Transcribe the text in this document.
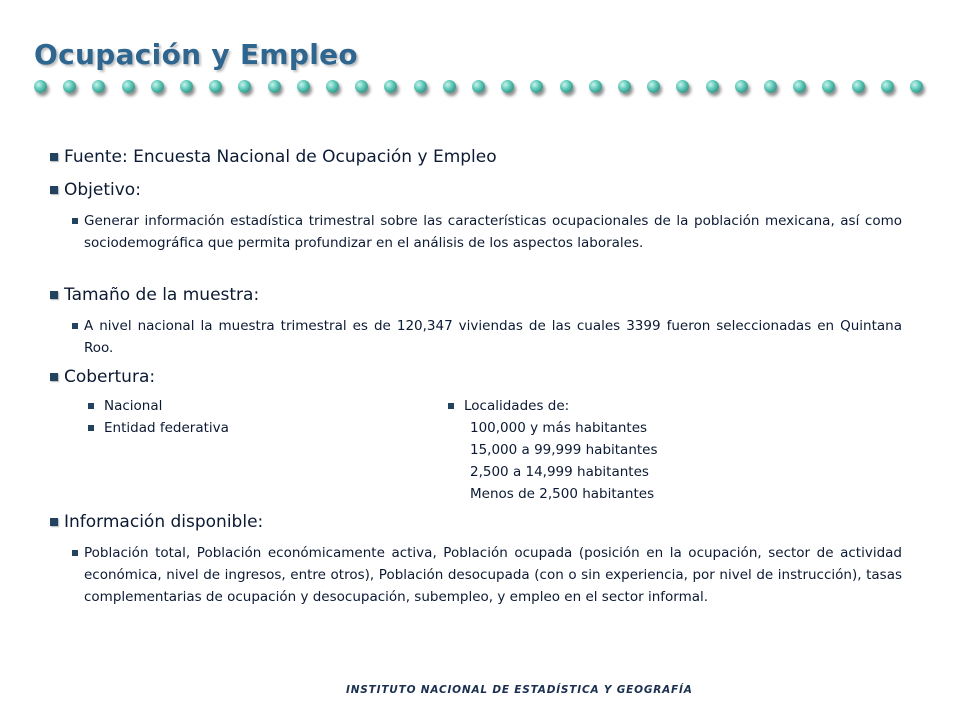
Ocupación y Empleo
Fuente: Encuesta Nacional de Ocupación y Empleo
Objetivo:
Generar información estadística trimestral sobre las características ocupacionales de la población mexicana, así como sociodemográfica que permita profundizar en el análisis de los aspectos laborales.
Tamaño de la muestra:
A nivel nacional la muestra trimestral es de 120,347 viviendas de las cuales 3399 fueron seleccionadas en Quintana Roo.
Cobertura:
Nacional
Entidad federativa
Localidades de:
100,000 y más habitantes
15,000 a 99,999 habitantes
2,500 a 14,999 habitantes
Menos de 2,500 habitantes
Información disponible:
Población total, Población económicamente activa, Población ocupada (posición en la ocupación, sector de actividad económica, nivel de ingresos, entre otros), Población desocupada (con o sin experiencia, por nivel de instrucción), tasas complementarias de ocupación y desocupación, subempleo, y empleo en el sector informal.
INSTITUTO NACIONAL DE ESTADÍSTICA Y GEOGRAFÍA
